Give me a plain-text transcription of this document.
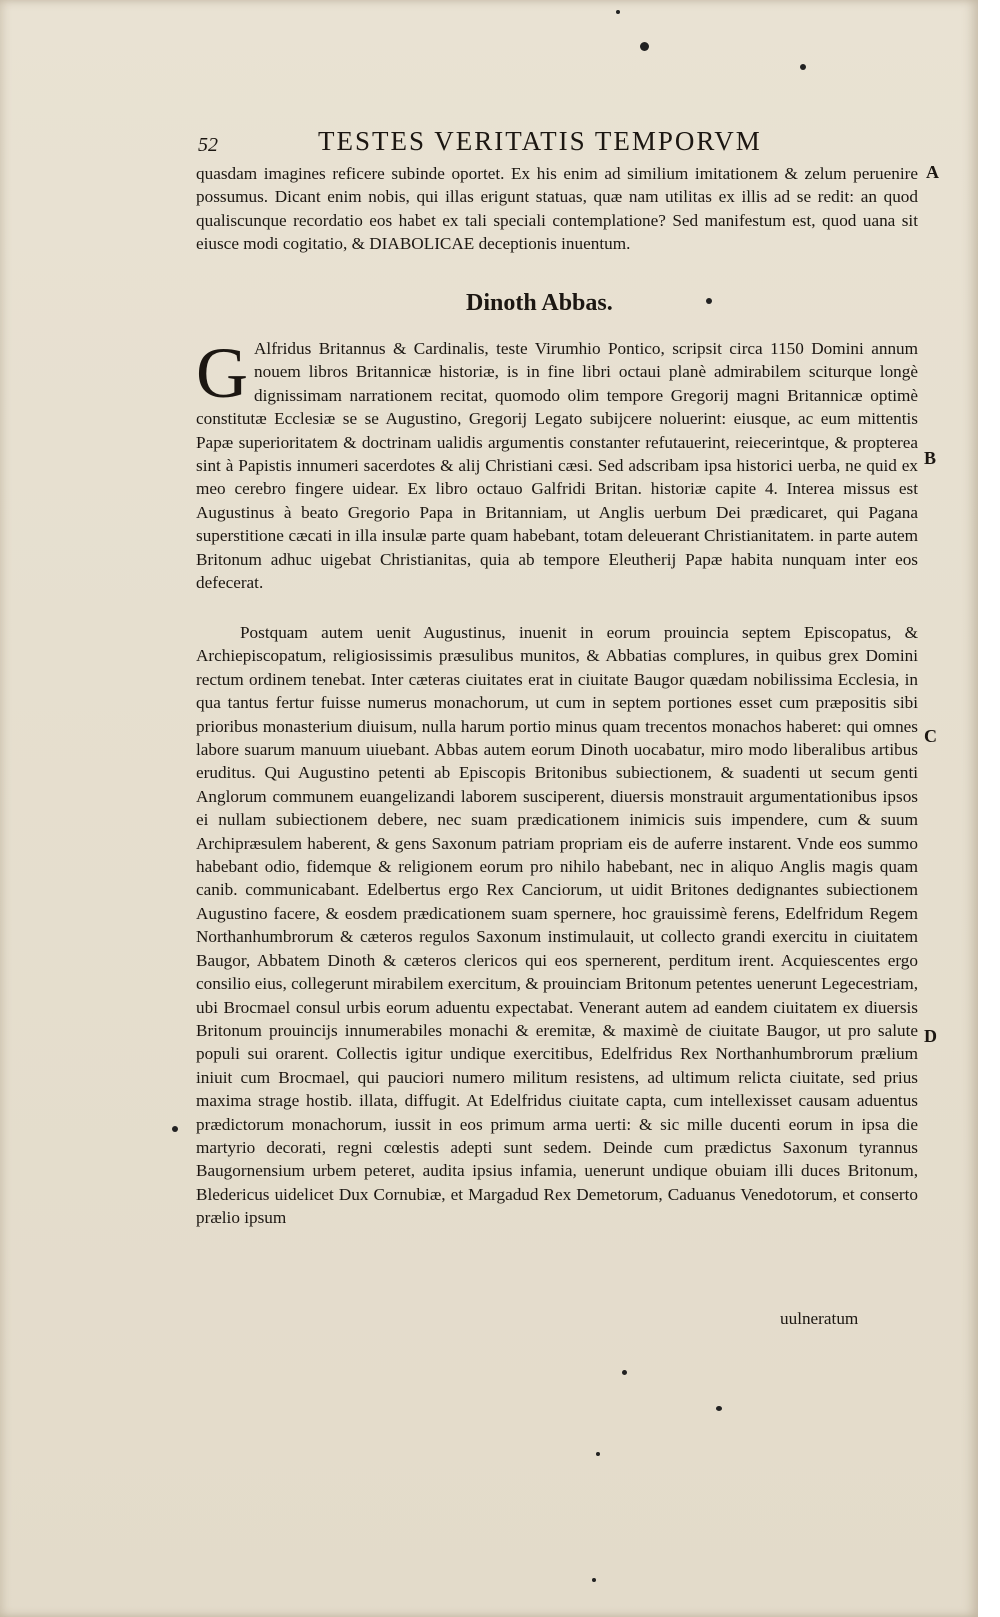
52	TESTES VERITATIS TEMPORVM

quasdam imagines reficere subinde oportet. Ex his enim ad similium imitationem & zelum peruenire possumus. Dicant enim nobis, qui illas erigunt statuas, quæ nam utilitas ex illis ad se redit: an quod qualiscunque recordatio eos habet ex tali speciali contemplatione? Sed manifestum est, quod uana sit eiusce modi cogitatio, & DIABOLICAE deceptionis inuentum.

Dinoth Abbas.
G Alfridus Britannus & Cardinalis, teste Virumhio Pontico, scripsit circa 1150 Domini annum nouem libros Britannicæ historiæ, is in fine libri octaui planè admirabilem sciturque longè dignissimam narrationem recitat, quomodo olim tempore Gregorij magni Britannicæ optimè constitutæ Ecclesiæ se se Augustino, Gregorij Legato subijcere noluerint: eiusque, ac eum mittentis Papæ superioritatem & doctrinam ualidis argumentis constanter refutauerint, reiecerintque, & propterea sint à Papistis innumeri sacerdotes & alij Christiani cæsi. Sed adscribam ipsa historici uerba, ne quid ex meo cerebro fingere uidear. Ex libro octauo Galfridi Britan. historiæ capite 4. Interea missus est Augustinus à beato Gregorio Papa in Britanniam, ut Anglis uerbum Dei prædicaret, qui Pagana superstitione cæcati in illa insulæ parte quam habebant, totam deleuerant Christianitatem. in parte autem Britonum adhuc uigebat Christianitas, quia ab tempore Eleutherij Papæ habita nunquam inter eos defecerat.

Postquam autem uenit Augustinus, inuenit in eorum prouincia septem Episcopatus, & Archiepiscopatum, religiosissimis præsulibus munitos, & Abbatias complures, in quibus grex Domini rectum ordinem tenebat. Inter cæteras ciuitates erat in ciuitate Baugor quædam nobilissima Ecclesia, in qua tantus fertur fuisse numerus monachorum, ut cum in septem portiones esset cum præpositis sibi prioribus monasterium diuisum, nulla harum portio minus quam trecentos monachos haberet: qui omnes labore suarum manuum uiuebant. Abbas autem eorum Dinoth uocabatur, miro modo liberalibus artibus eruditus. Qui Augustino petenti ab Episcopis Britonibus subiectionem, & suadenti ut secum genti Anglorum communem euangelizandi laborem susciperent, diuersis monstrauit argumentationibus ipsos ei nullam subiectionem debere, nec suam prædicationem inimicis suis impendere, cum & suum Archipræsulem haberent, & gens Saxonum patriam propriam eis de auferre instarent. Vnde eos summo habebant odio, fidemque & religionem eorum pro nihilo habebant, nec in aliquo Anglis magis quam canib. communicabant. Edelbertus ergo Rex Canciorum, ut uidit Britones dedignantes subiectionem Augustino facere, & eosdem prædicationem suam spernere, hoc grauissimè ferens, Edelfridum Regem Northanhumbrorum & cæteros regulos Saxonum instimulauit, ut collecto grandi exercitu in ciuitatem Baugor, Abbatem Dinoth & cæteros clericos qui eos spernerent, perditum irent. Acquiescentes ergo consilio eius, collegerunt mirabilem exercitum, & prouinciam Britonum petentes uenerunt Legecestriam, ubi Brocmael consul urbis eorum aduentu expectabat. Venerant autem ad eandem ciuitatem ex diuersis Britonum prouincijs innumerabiles monachi & eremitæ, & maximè de ciuitate Baugor, ut pro salute populi sui orarent. Collectis igitur undique exercitibus, Edelfridus Rex Northanhumbrorum prælium iniuit cum Brocmael, qui pauciori numero militum resistens, ad ultimum relicta ciuitate, sed prius maxima strage hostib. illata, diffugit. At Edelfridus ciuitate capta, cum intellexisset causam aduentus prædictorum monachorum, iussit in eos primum arma uerti: & sic mille ducenti eorum in ipsa die martyrio decorati, regni cœlestis adepti sunt sedem. Deinde cum prædictus Saxonum tyrannus Baugornensium urbem peteret, audita ipsius infamia, uenerunt undique obuiam illi duces Britonum, Bledericus uidelicet Dux Cornubiæ, et Margadud Rex Demetorum, Caduanus Venedotorum, et conserto prælio ipsum

uulneratum
A
B
C
D
